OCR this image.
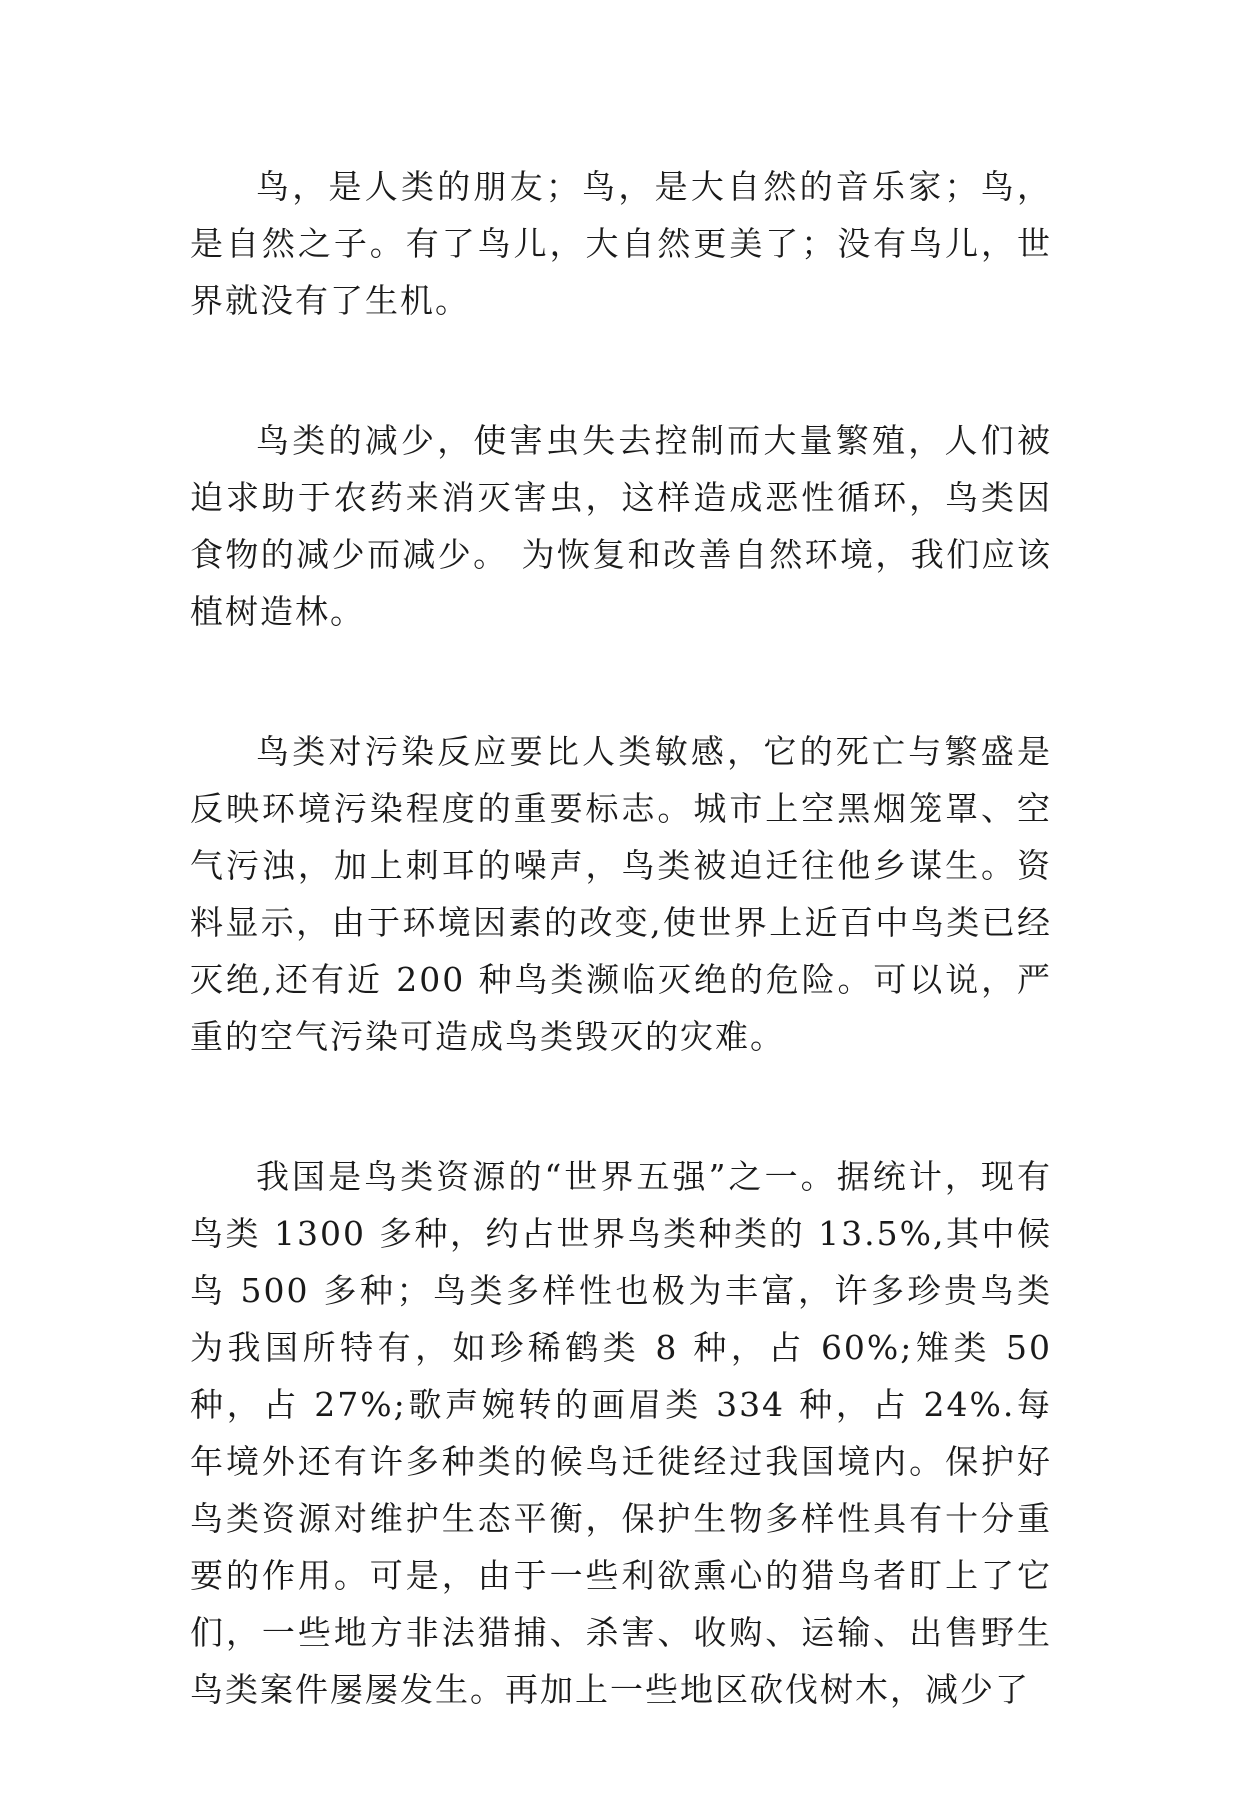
鸟，是人类的朋友；鸟，是大自然的音乐家；鸟，是自然之子。有了鸟儿，大自然更美了；没有鸟儿，世界就没有了生机。

鸟类的减少，使害虫失去控制而大量繁殖，人们被迫求助于农药来消灭害虫，这样造成恶性循环，鸟类因食物的减少而减少。 为恢复和改善自然环境，我们应该植树造林。

鸟类对污染反应要比人类敏感，它的死亡与繁盛是反映环境污染程度的重要标志。城市上空黑烟笼罩、空气污浊，加上刺耳的噪声，鸟类被迫迁往他乡谋生。资料显示，由于环境因素的改变,使世界上近百中鸟类已经灭绝,还有近 200 种鸟类濒临灭绝的危险。可以说，严重的空气污染可造成鸟类毁灭的灾难。

我国是鸟类资源的“世界五强”之一。据统计，现有鸟类 1300 多种，约占世界鸟类种类的 13.5%,其中候鸟 500 多种；鸟类多样性也极为丰富，许多珍贵鸟类为我国所特有，如珍稀鹤类 8 种，占 60%;雉类 50 种，占 27%;歌声婉转的画眉类 334 种，占 24%.每年境外还有许多种类的候鸟迁徙经过我国境内。保护好鸟类资源对维护生态平衡，保护生物多样性具有十分重要的作用。可是，由于一些利欲熏心的猎鸟者盯上了它们，一些地方非法猎捕、杀害、收购、运输、出售野生鸟类案件屡屡发生。再加上一些地区砍伐树木，减少了
